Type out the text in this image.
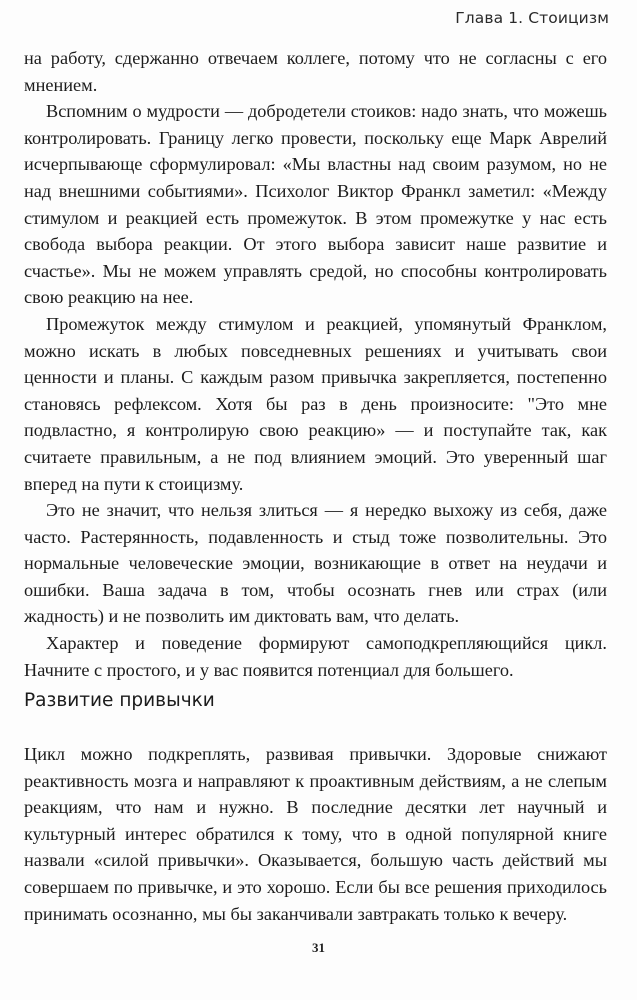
Глава 1. Стоицизм

на работу, сдержанно отвечаем коллеге, потому что не согласны с его мнением.

Вспомним о мудрости — добродетели стоиков: надо знать, что можешь контролировать. Границу легко провести, поскольку еще Марк Аврелий исчерпывающе сформулировал: «Мы властны над своим разумом, но не над внешними событиями». Психолог Виктор Франкл заметил: «Между стимулом и реакцией есть промежуток. В этом промежутке у нас есть свобода выбора реакции. От этого выбора зависит наше развитие и счастье». Мы не можем управлять средой, но способны контролировать свою реакцию на нее.

Промежуток между стимулом и реакцией, упомянутый Франклом, можно искать в любых повседневных решениях и учитывать свои ценности и планы. С каждым разом привычка закрепляется, постепенно становясь рефлексом. Хотя бы раз в день произносите: "Это мне подвластно, я контролирую свою реакцию» — и поступайте так, как считаете правильным, а не под влиянием эмоций. Это уверенный шаг вперед на пути к стоицизму.

Это не значит, что нельзя злиться — я нередко выхожу из себя, даже часто. Растерянность, подавленность и стыд тоже позволительны. Это нормальные человеческие эмоции, возникающие в ответ на неудачи и ошибки. Ваша задача в том, чтобы осознать гнев или страх (или жадность) и не позволить им диктовать вам, что делать.

Характер и поведение формируют самоподкрепляющийся цикл. Начните с простого, и у вас появится потенциал для большего.

Развитие привычки

Цикл можно подкреплять, развивая привычки. Здоровые снижают реактивность мозга и направляют к проактивным действиям, а не слепым реакциям, что нам и нужно. В последние десятки лет научный и культурный интерес обратился к тому, что в одной популярной книге назвали «силой привычки». Оказывается, большую часть действий мы совершаем по привычке, и это хорошо. Если бы все решения приходилось принимать осознанно, мы бы заканчивали завтракать только к вечеру.

31
